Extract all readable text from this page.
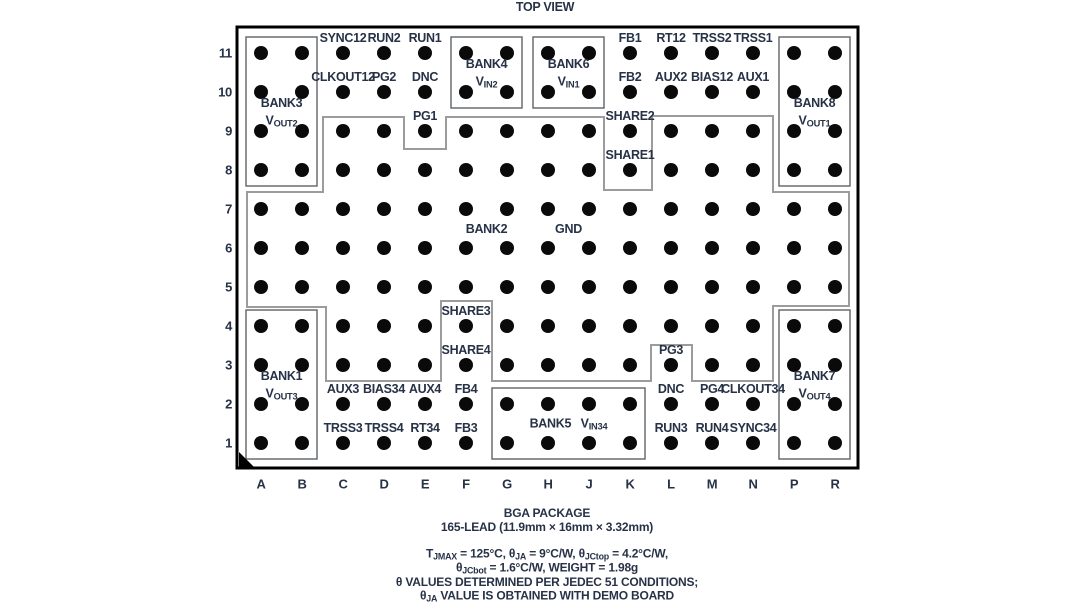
TOP VIEW
SYNC12 RUN2 RUN1	FB1 RT12 TRSS2 TRSS1
CLKOUT12
PG2 DNC	FB2 AUX2 BIAS12 AUX1
PG1	SHARE2
SHARE1
SHARE3
SHARE4	PG3
AUX3 BIAS34 AUX4 FB4	DNC PG4
CLKOUT34
TRSS3 TRSS4 RT34 FB3	RUN3 RUN4 SYNC34
BANK3
$V_{OUT2}$
BANK4
$V_{IN2}$
BANK6
$V_{IN1}$
BANK8
$V_{OUT1}$
BANK1
$V_{OUT3}$
BANK7
$V_{OUT4}$
BANK5   $V_{IN34}$
BANK2	GND
11
10
9
8
7
6
5
4
3
2
1
A B C D E	F G H	J	K	L M N P R
$T_{JMAX} = 125^\circ C$, $\theta_{JA} = 9^\circ C/W$, $\theta_{JCtop} = 4.2^\circ C/W$,
$\theta_{JCbot} = 1.6^\circ C/W$, WEIGHT = 1.98g
θ VALUES DETERMINED PER JEDEC 51 CONDITIONS;
$\theta_{JA}$ VALUE IS OBTAINED WITH DEMO BOARD
BGA PACKAGE
165-LEAD (11.9mm × 16mm × 3.32mm)
